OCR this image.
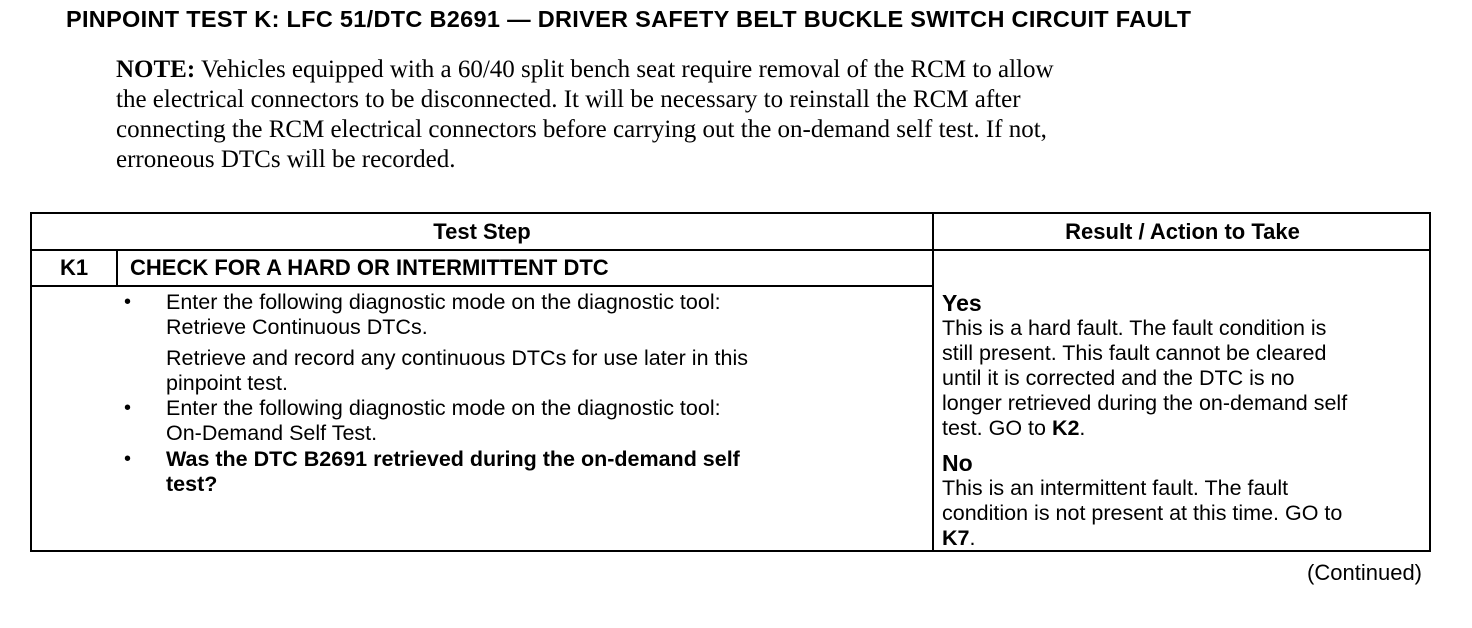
PINPOINT TEST K: LFC 51/DTC B2691 — DRIVER SAFETY BELT BUCKLE SWITCH CIRCUIT FAULT

NOTE: Vehicles equipped with a 60/40 split bench seat require removal of the RCM to allow

the electrical connectors to be disconnected. It will be necessary to reinstall the RCM after

connecting the RCM electrical connectors before carrying out the on-demand self test. If not,

erroneous DTCs will be recorded.

Test Step	Result / Action to Take
K1	CHECK FOR A HARD OR INTERMITTENT DTC
• Enter the following diagnostic mode on the diagnostic tool:
Retrieve Continuous DTCs.
Retrieve and record any continuous DTCs for use later in this
pinpoint test.
• Enter the following diagnostic mode on the diagnostic tool:
On-Demand Self Test.
• Was the DTC B2691 retrieved during the on-demand self
test?
Yes
This is a hard fault. The fault condition is
still present. This fault cannot be cleared
until it is corrected and the DTC is no
longer retrieved during the on-demand self
test. GO to K2.
No
This is an intermittent fault. The fault
condition is not present at this time. GO to
K7.
(Continued)
